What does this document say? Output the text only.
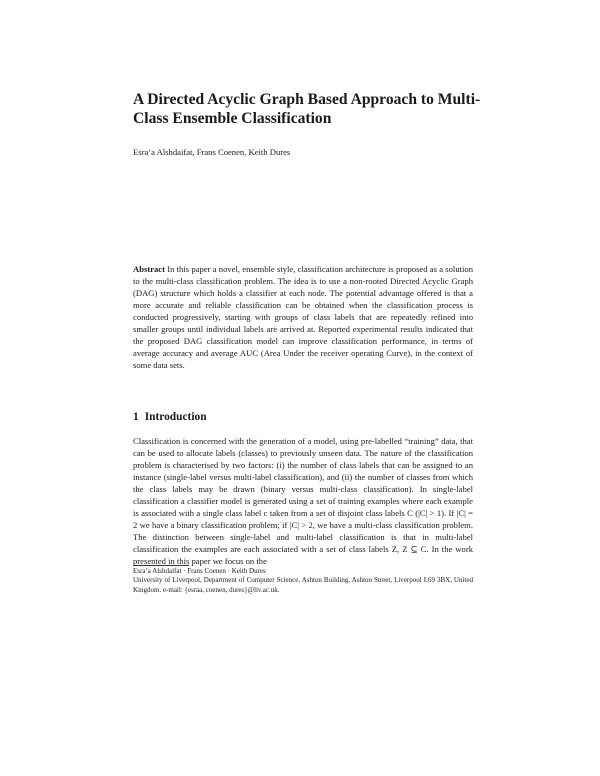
A Directed Acyclic Graph Based Approach to Multi-Class Ensemble Classification

Esra’a Alshdaifat, Frans Coenen, Keith Dures

Abstract In this paper a novel, ensemble style, classification architecture is proposed as a solution to the multi-class classification problem. The idea is to use a non-rooted Directed Acyclic Graph (DAG) structure which holds a classifier at each node. The potential advantage offered is that a more accurate and reliable classification can be obtained when the classification process is conducted progressively, starting with groups of class labels that are repeatedly refined into smaller groups until individual labels are arrived at. Reported experimental results indicated that the proposed DAG classification model can improve classification performance, in terms of average accuracy and average AUC (Area Under the receiver operating Curve), in the context of some data sets.

1 Introduction

Classification is concerned with the generation of a model, using pre-labelled “training” data, that can be used to allocate labels (classes) to previously unseen data. The nature of the classification problem is characterised by two factors: (i) the number of class labels that can be assigned to an instance (single-label versus multi-label classification), and (ii) the number of classes from which the class labels may be drawn (binary versus multi-class classification). In single-label classification a classifier model is generated using a set of training examples where each example is associated with a single class label c taken from a set of disjoint class labels C (|C| > 1). If |C| = 2 we have a binary classification problem; if |C| > 2, we have a multi-class classification problem. The distinction between single-label and multi-label classification is that in multi-label classification the examples are each associated with a set of class labels Z, Z ⊆ C. In the work presented in this paper we focus on the

Esra’a Alshdaifat · Frans Coenen · Keith Dures
University of Liverpool, Department of Computer Science, Ashton Building, Ashton Street, Liverpool L69 3BX, United Kingdom. e-mail: {esraa, coenen, dures}@liv.ac.uk.
